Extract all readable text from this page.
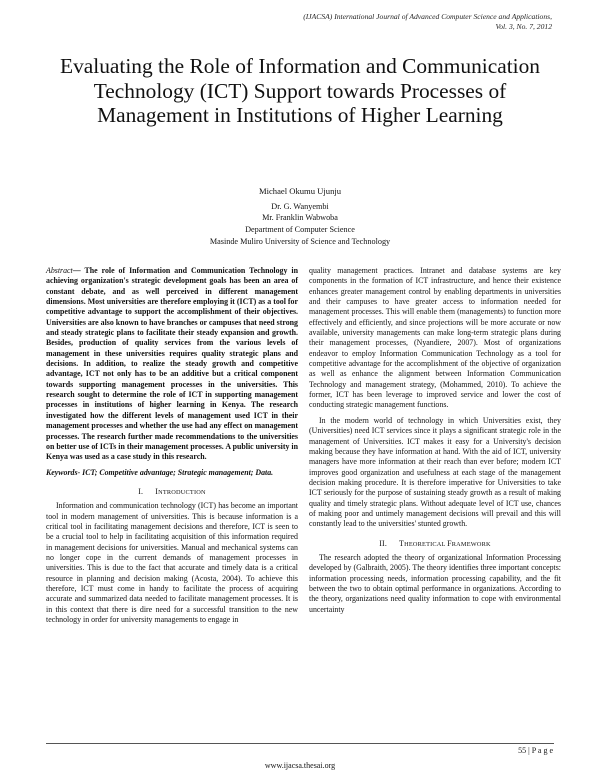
(IJACSA) International Journal of Advanced Computer Science and Applications,
Vol. 3, No. 7, 2012
Evaluating the Role of Information and Communication Technology (ICT) Support towards Processes of Management in Institutions of Higher Learning
Michael Okumu Ujunju
Dr. G. Wanyembi
Mr. Franklin Wabwoba
Department of Computer Science
Masinde Muliro University of Science and Technology

Abstract— The role of Information and Communication Technology in achieving organization's strategic development goals has been an area of constant debate, and as well perceived in different management dimensions. Most universities are therefore employing it (ICT) as a tool for competitive advantage to support the accomplishment of their objectives. Universities are also known to have branches or campuses that need strong and steady strategic plans to facilitate their steady expansion and growth. Besides, production of quality services from the various levels of management in these universities requires quality strategic plans and decisions. In addition, to realize the steady growth and competitive advantage, ICT not only has to be an additive but a critical component towards supporting management processes in the universities. This research sought to determine the role of ICT in supporting management processes in institutions of higher learning in Kenya. The research investigated how the different levels of management used ICT in their management processes and whether the use had any effect on management processes. The research further made recommendations to the universities on better use of ICTs in their management processes. A public university in Kenya was used as a case study in this research.

Keywords- ICT; Competitive advantage; Strategic management; Data.

I. INTRODUCTION

Information and communication technology (ICT) has become an important tool in modern management of universities. This is because information is a critical tool in facilitating management decisions and therefore, ICT is seen to be a crucial tool to help in facilitating acquisition of this information required in management decisions for universities. Manual and mechanical systems can no longer cope in the current demands of management processes in universities. This is due to the fact that accurate and timely data is a critical resource in planning and decision making (Acosta, 2004). To achieve this therefore, ICT must come in handy to facilitate the process of acquiring accurate and summarized data needed to facilitate management processes. It is in this context that there is dire need for a successful transition to the new technology in order for university managements to engage in

quality management practices. Intranet and database systems are key components in the formation of ICT infrastructure, and hence their existence enhances greater management control by enabling departments in universities and their campuses to have greater access to information needed for management processes. This will enable them (managements) to function more effectively and efficiently, and since projections will be more accurate or now available, university managements can make long-term strategic plans during their management processes, (Nyandiere, 2007). Most of organizations endeavor to employ Information Communication Technology as a tool for competitive advantage for the accomplishment of the objective of organization as well as enhance the alignment between Information Communication Technology and management strategy, (Mohammed, 2010). To achieve the former, ICT has been leverage to improved service and lower the cost of conducting strategic management functions.

In the modern world of technology in which Universities exist, they (Universities) need ICT services since it plays a significant strategic role in the management of Universities. ICT makes it easy for a University's decision making because they have information at hand. With the aid of ICT, university managers have more information at their reach than ever before; modern ICT improves good organization and usefulness at each stage of the management decision making procedure. It is therefore imperative for Universities to take ICT seriously for the purpose of sustaining steady growth as a result of making quality and timely strategic plans. Without adequate level of ICT use, chances of making poor and untimely management decisions will prevail and this will constantly lead to the universities' stunted growth.

II. THEORETICAL FRAMEWORK

The research adopted the theory of organizational Information Processing developed by (Galbraith, 2005). The theory identifies three important concepts: information processing needs, information processing capability, and the fit between the two to obtain optimal performance in organizations. According to the theory, organizations need quality information to cope with environmental uncertainty

55 | P a g e
www.ijacsa.thesai.org
